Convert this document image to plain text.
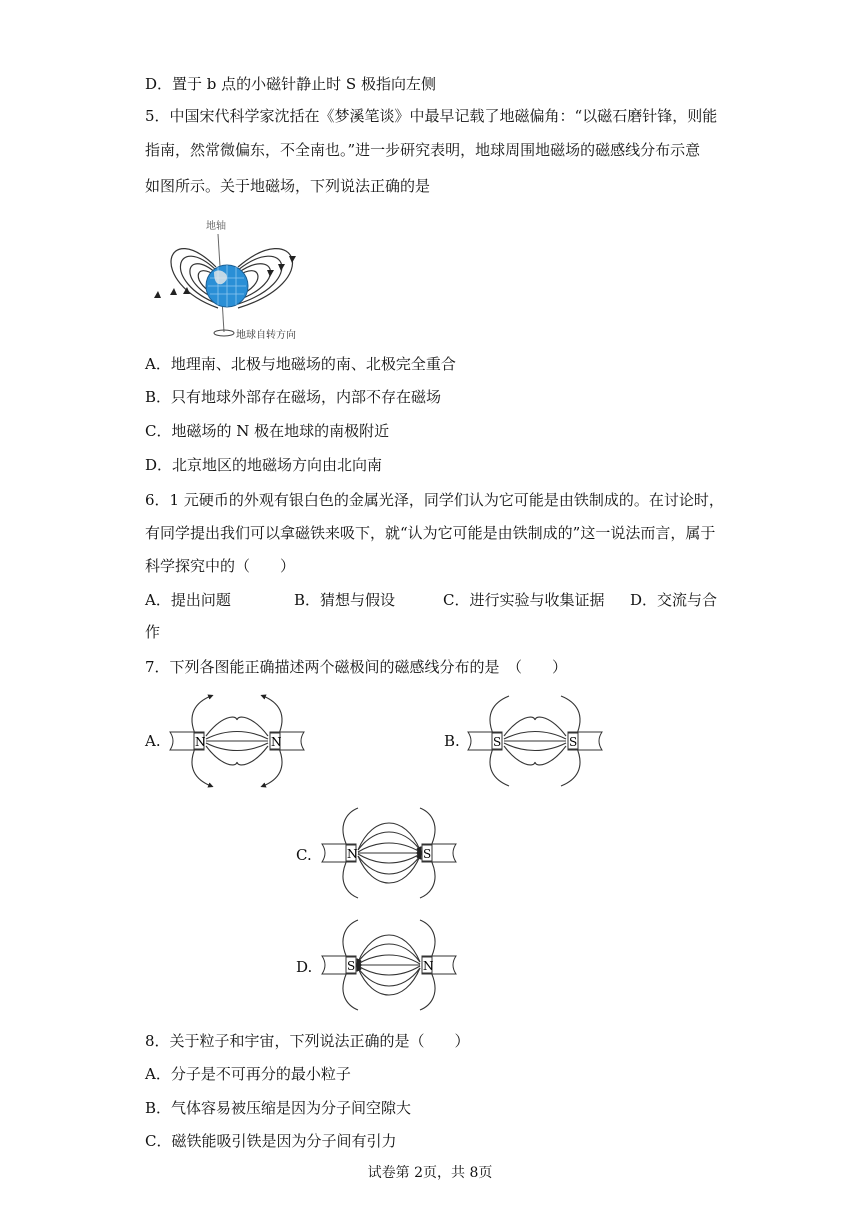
D．置于 b 点的小磁针静止时 S 极指向左侧
5．中国宋代科学家沈括在《梦溪笔谈》中最早记载了地磁偏角：“以磁石磨针锋，则能
指南，然常微偏东，不全南也。”进一步研究表明，地球周围地磁场的磁感线分布示意
如图所示。关于地磁场，下列说法正确的是
地轴
地球自转方向
A．地理南、北极与地磁场的南、北极完全重合
B．只有地球外部存在磁场，内部不存在磁场
C．地磁场的 N 极在地球的南极附近
D．北京地区的地磁场方向由北向南
6．1 元硬币的外观有银白色的金属光泽，同学们认为它可能是由铁制成的。在讨论时，
有同学提出我们可以拿磁铁来吸下，就“认为它可能是由铁制成的”这一说法而言，属于
科学探究中的（　　）
A．提出问题	B．猜想与假设	C．进行实验与收集证据 D．交流与合
作
7．下列各图能正确描述两个磁极间的磁感线分布的是　（　　）
A.	N	N	B.	S	S
C.	N	S
D.	S	N
8．关于粒子和宇宙，下列说法正确的是（　　）
A．分子是不可再分的最小粒子
B．气体容易被压缩是因为分子间空隙大
C．磁铁能吸引铁是因为分子间有引力
试卷第 2页，共 8页
